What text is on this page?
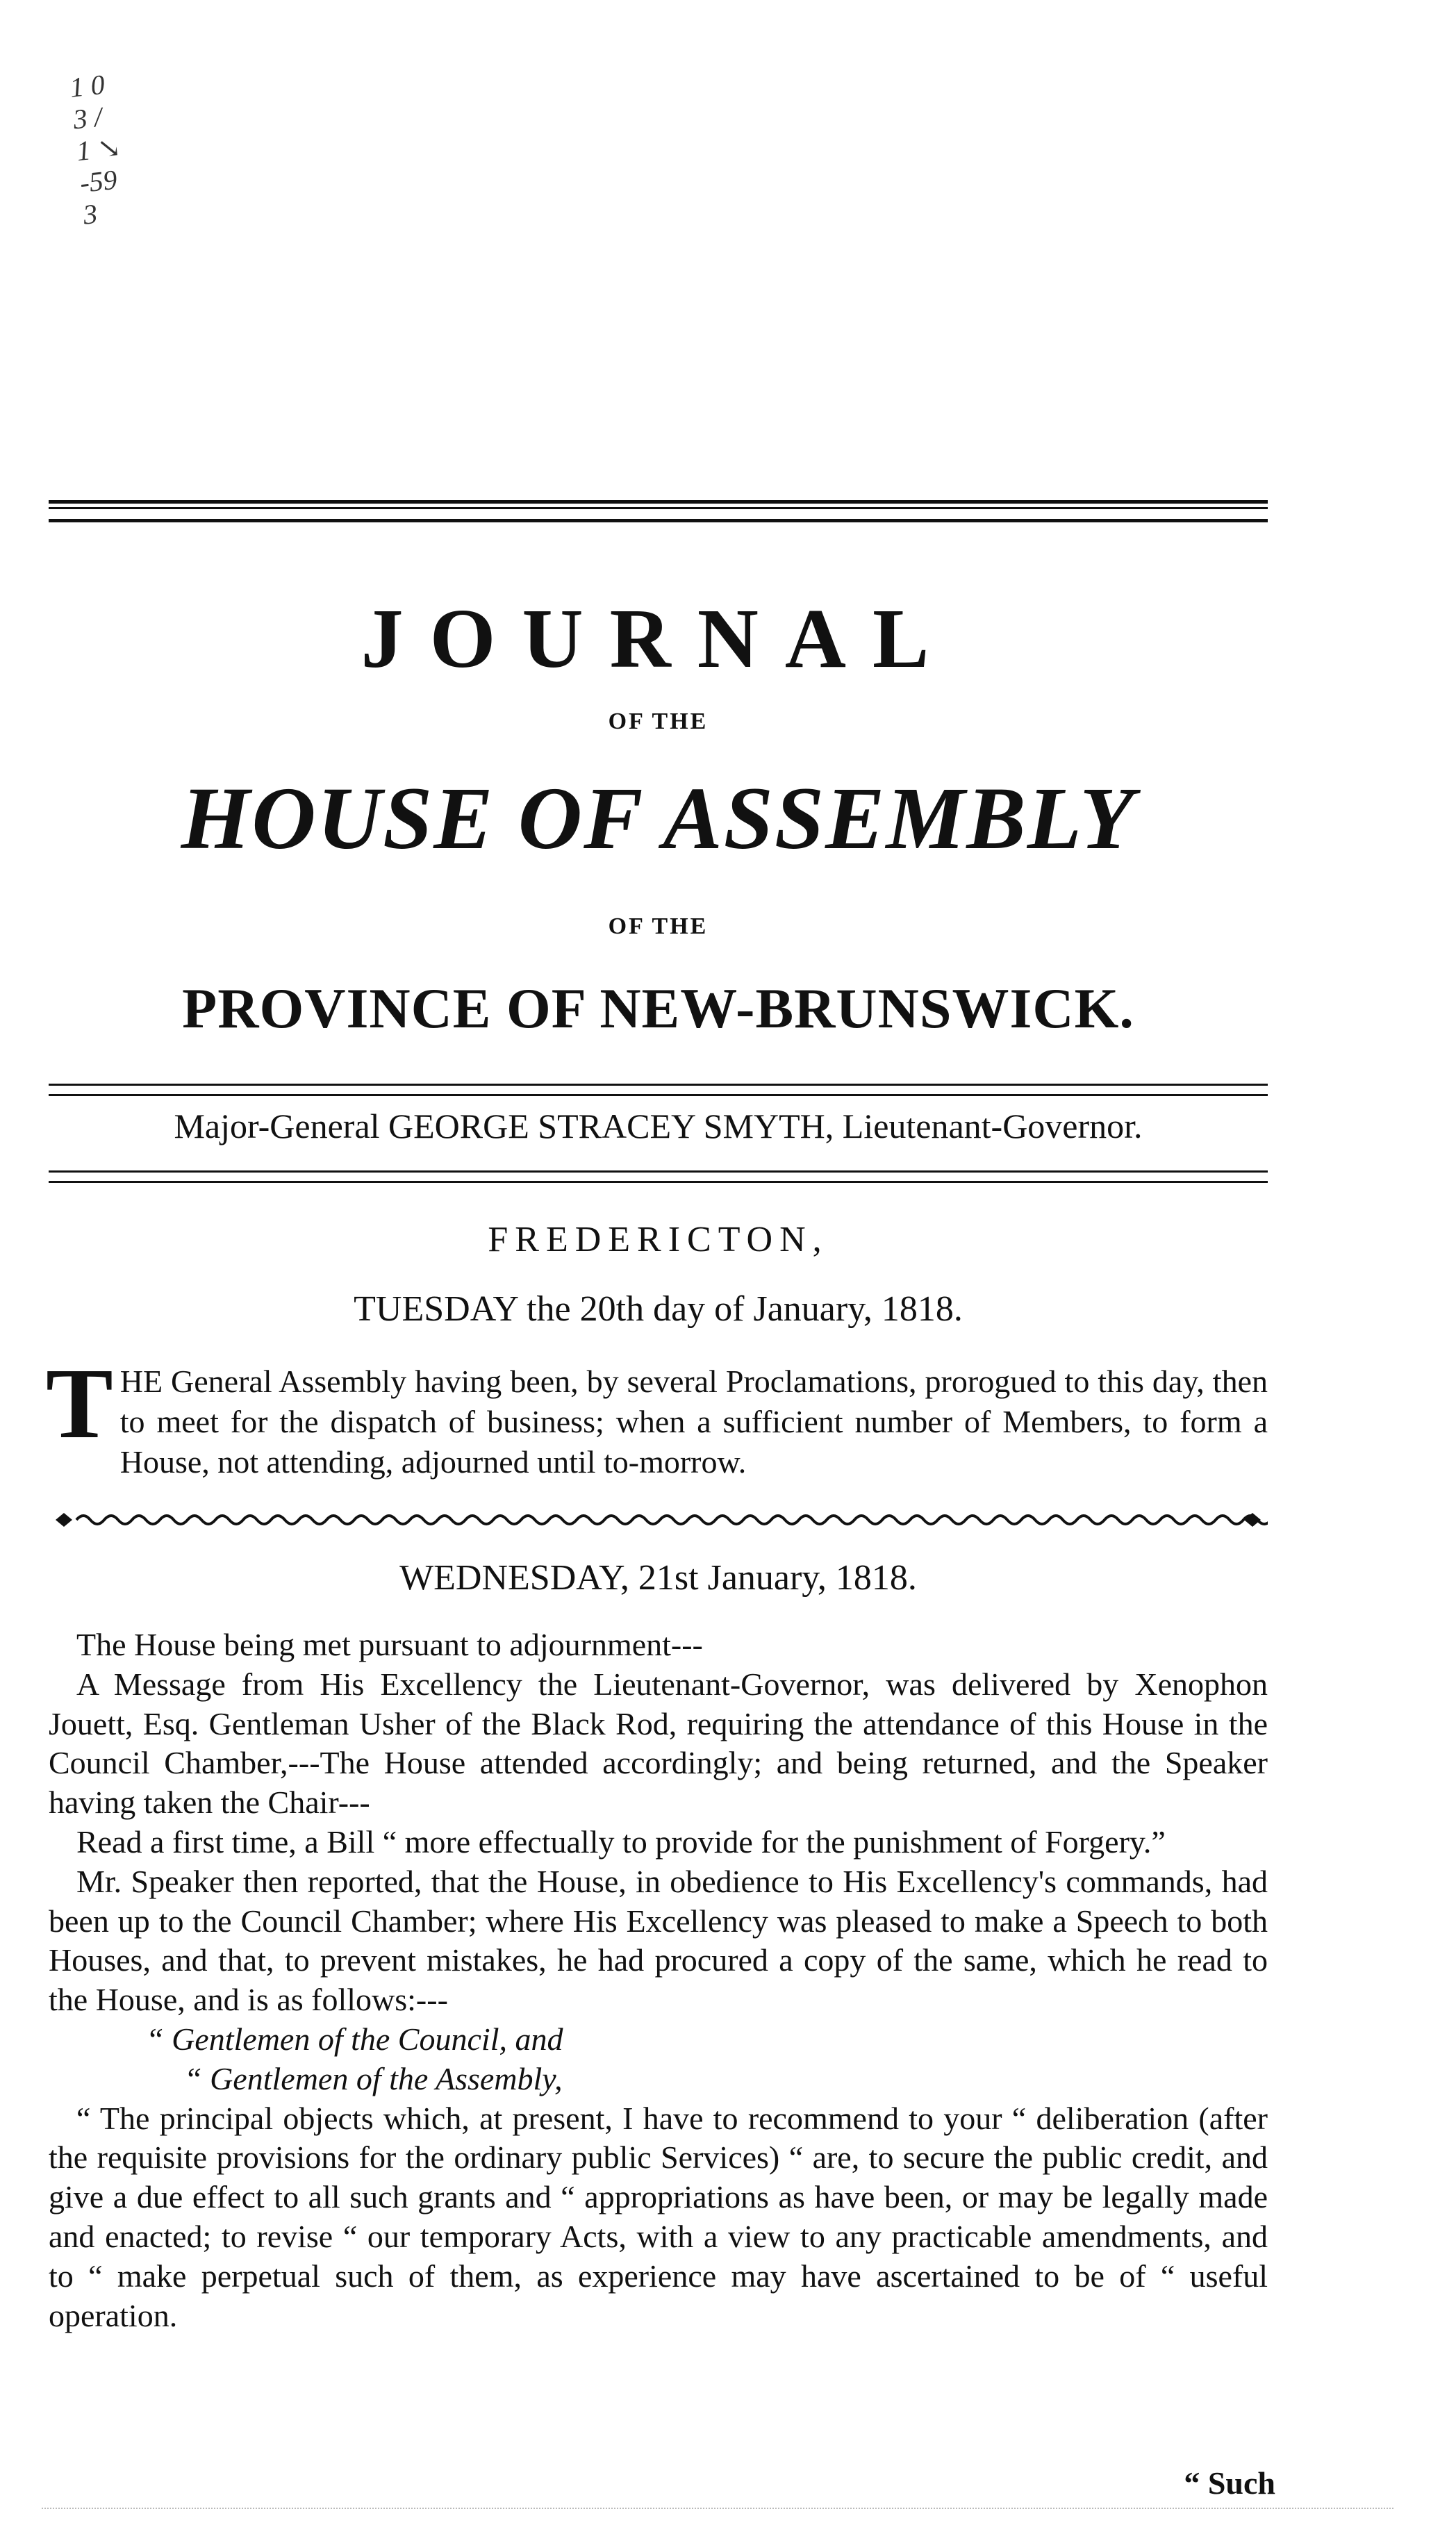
1 0
3 /
1 ↘
-59
3
JOURNAL
OF THE
HOUSE OF ASSEMBLY
OF THE
PROVINCE OF NEW-BRUNSWICK.
Major-General GEORGE STRACEY SMYTH, Lieutenant-Governor.
FREDERICTON,
TUESDAY the 20th day of January, 1818.
T HE General Assembly having been, by several Proclamations, prorogued to this day, then to meet for the dispatch of business; when a sufficient number of Members, to form a House, not attending, adjourned until to-morrow.
WEDNESDAY, 21st January, 1818.

The House being met pursuant to adjournment---

A Message from His Excellency the Lieutenant-Governor, was delivered by Xenophon Jouett, Esq. Gentleman Usher of the Black Rod, requiring the attendance of this House in the Council Chamber,---The House attended accordingly; and being returned, and the Speaker having taken the Chair---

Read a first time, a Bill “ more effectually to provide for the punishment of Forgery.”

Mr. Speaker then reported, that the House, in obedience to His Excellency's commands, had been up to the Council Chamber; where His Excellency was pleased to make a Speech to both Houses, and that, to prevent mistakes, he had procured a copy of the same, which he read to the House, and is as follows:---

“ Gentlemen of the Council, and

“ Gentlemen of the Assembly,

“ The principal objects which, at present, I have to recommend to your “ deliberation (after the requisite provisions for the ordinary public Services) “ are, to secure the public credit, and give a due effect to all such grants and “ appropriations as have been, or may be legally made and enacted; to revise “ our temporary Acts, with a view to any practicable amendments, and to “ make perpetual such of them, as experience may have ascertained to be of “ useful operation.

“ Such
